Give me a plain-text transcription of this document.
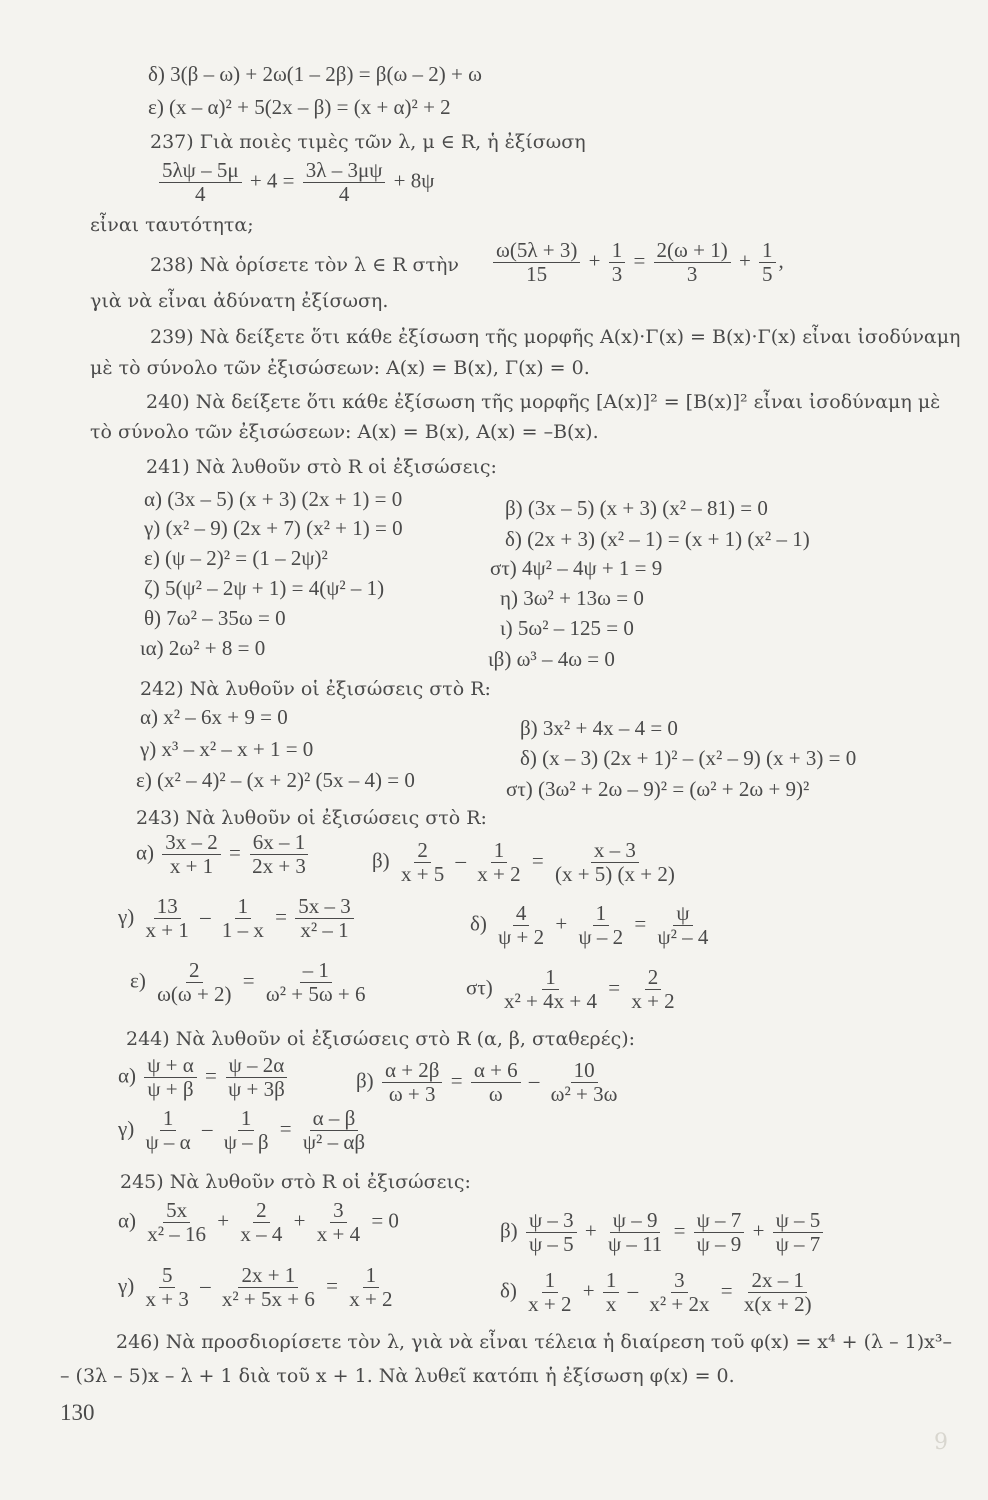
δ) 3(β – ω) + 2ω(1 – 2β) = β(ω – 2) + ω
ε) (x – α)² + 5(2x – β) = (x + α)² + 2
237) Γιὰ ποιὲς τιμὲς τῶν λ, μ ∈ R, ἡ ἐξίσωση
$\frac{5\lambda\psi - 5\mu}{4} + 4 = \frac{3\lambda - 3\mu\psi}{4} + 8\psi$
εἶναι ταυτότητα;
238) Νὰ ὁρίσετε τὸν λ ∈ R στὴν $\frac{\omega(5\lambda + 3)}{15} + \frac{1}{3} = \frac{2(\omega + 1)}{3} + \frac{1}{5}$ ,
γιὰ νὰ εἶναι ἀδύνατη ἐξίσωση.
239) Νὰ δείξετε ὅτι κάθε ἐξίσωση τῆς μορφῆς A(x)·Γ(x) = B(x)·Γ(x) εἶναι ἰσοδύναμη
μὲ τὸ σύνολο τῶν ἐξισώσεων: A(x) = B(x), Γ(x) = 0.
240) Νὰ δείξετε ὅτι κάθε ἐξίσωση τῆς μορφῆς [A(x)]² = [B(x)]² εἶναι ἰσοδύναμη μὲ
τὸ σύνολο τῶν ἐξισώσεων: A(x) = B(x), A(x) = –B(x).
241) Νὰ λυθοῦν στὸ R οἱ ἐξισώσεις:
α) (3x – 5) (x + 3) (2x + 1) = 0	β) (3x – 5) (x + 3) (x² – 81) = 0
γ) (x² – 9) (2x + 7) (x² + 1) = 0	δ) (2x + 3) (x² – 1) = (x + 1) (x² – 1)
ε) (ψ – 2)² = (1 – 2ψ)²	στ) 4ψ² – 4ψ + 1 = 9
ζ) 5(ψ² – 2ψ + 1) = 4(ψ² – 1)	η) 3ω² + 13ω = 0
θ) 7ω² – 35ω = 0	ι) 5ω² – 125 = 0
ια) 2ω² + 8 = 0	ιβ) ω³ – 4ω = 0
242) Νὰ λυθοῦν οἱ ἐξισώσεις στὸ R:
α) x² – 6x + 9 = 0	β) 3x² + 4x – 4 = 0
γ) x³ – x² – x + 1 = 0	δ) (x – 3) (2x + 1)² – (x² – 9) (x + 3) = 0
ε) (x² – 4)² – (x + 2)² (5x – 4) = 0	στ) (3ω² + 2ω – 9)² = (ω² + 2ω + 9)²
243) Νὰ λυθοῦν οἱ ἐξισώσεις στὸ R:
$\alpha) \frac{3x - 2}{x + 1} = \frac{6x - 1}{2x + 3}$	$\beta) \frac{2}{x + 5} - \frac{1}{x + 2} = \frac{x - 3}{(x + 5) (x + 2)}$
$\gamma) \frac{13}{x + 1} - \frac{1}{1 - x} = \frac{5x - 3}{\text{x² – 1}}$	$\delta) \frac{4}{\psi + 2} + \frac{1}{\psi - 2} = \frac{\psi}{\text{ψ² – 4}}$
$\varepsilon) \frac{2}{\omega(\omega + 2)} = \frac{- 1}{\text{ω² + 5ω + 6}}$	$\sigma\tau) \frac{1}{\text{x² + 4x + 4}} = \frac{2}{x + 2}$
244) Νὰ λυθοῦν οἱ ἐξισώσεις στὸ R (α, β, σταθερές):
$\alpha) \frac{\psi + \alpha}{\psi + \beta} = \frac{\psi - 2\alpha}{\psi + 3\beta}$	$\beta) \frac{\alpha + 2\beta}{\omega + 3} = \frac{\alpha + 6}{\omega} - \frac{10}{\text{ω² + 3ω}}$
$\gamma) \frac{1}{\psi - \alpha} - \frac{1}{\psi - \beta} = \frac{\alpha - \beta}{\text{ψ² – αβ}}$
245) Νὰ λυθοῦν στὸ R οἱ ἐξισώσεις:
$\alpha) \frac{5x}{\text{x² – 16}} + \frac{2}{x - 4} + \frac{3}{x + 4} = 0$	$\beta) \frac{\psi - 3}{\psi - 5} + \frac{\psi - 9}{\psi - 11} = \frac{\psi - 7}{\psi - 9} + \frac{\psi - 5}{\psi - 7}$
$\gamma) \frac{5}{x + 3} - \frac{2x + 1}{\text{x² + 5x + 6}} = \frac{1}{x + 2}$	$\delta) \frac{1}{x + 2} + \frac{1}{x} - \frac{3}{\text{x² + 2x}} = \frac{2x - 1}{x(x + 2)}$
246) Νὰ προσδιορίσετε τὸν λ, γιὰ νὰ εἶναι τέλεια ἡ διαίρεση τοῦ φ(x) = x⁴ + (λ – 1)x³–
– (3λ – 5)x – λ + 1 διὰ τοῦ x + 1. Νὰ λυθεῖ κατόπι ἡ ἐξίσωση φ(x) = 0.
130
9
